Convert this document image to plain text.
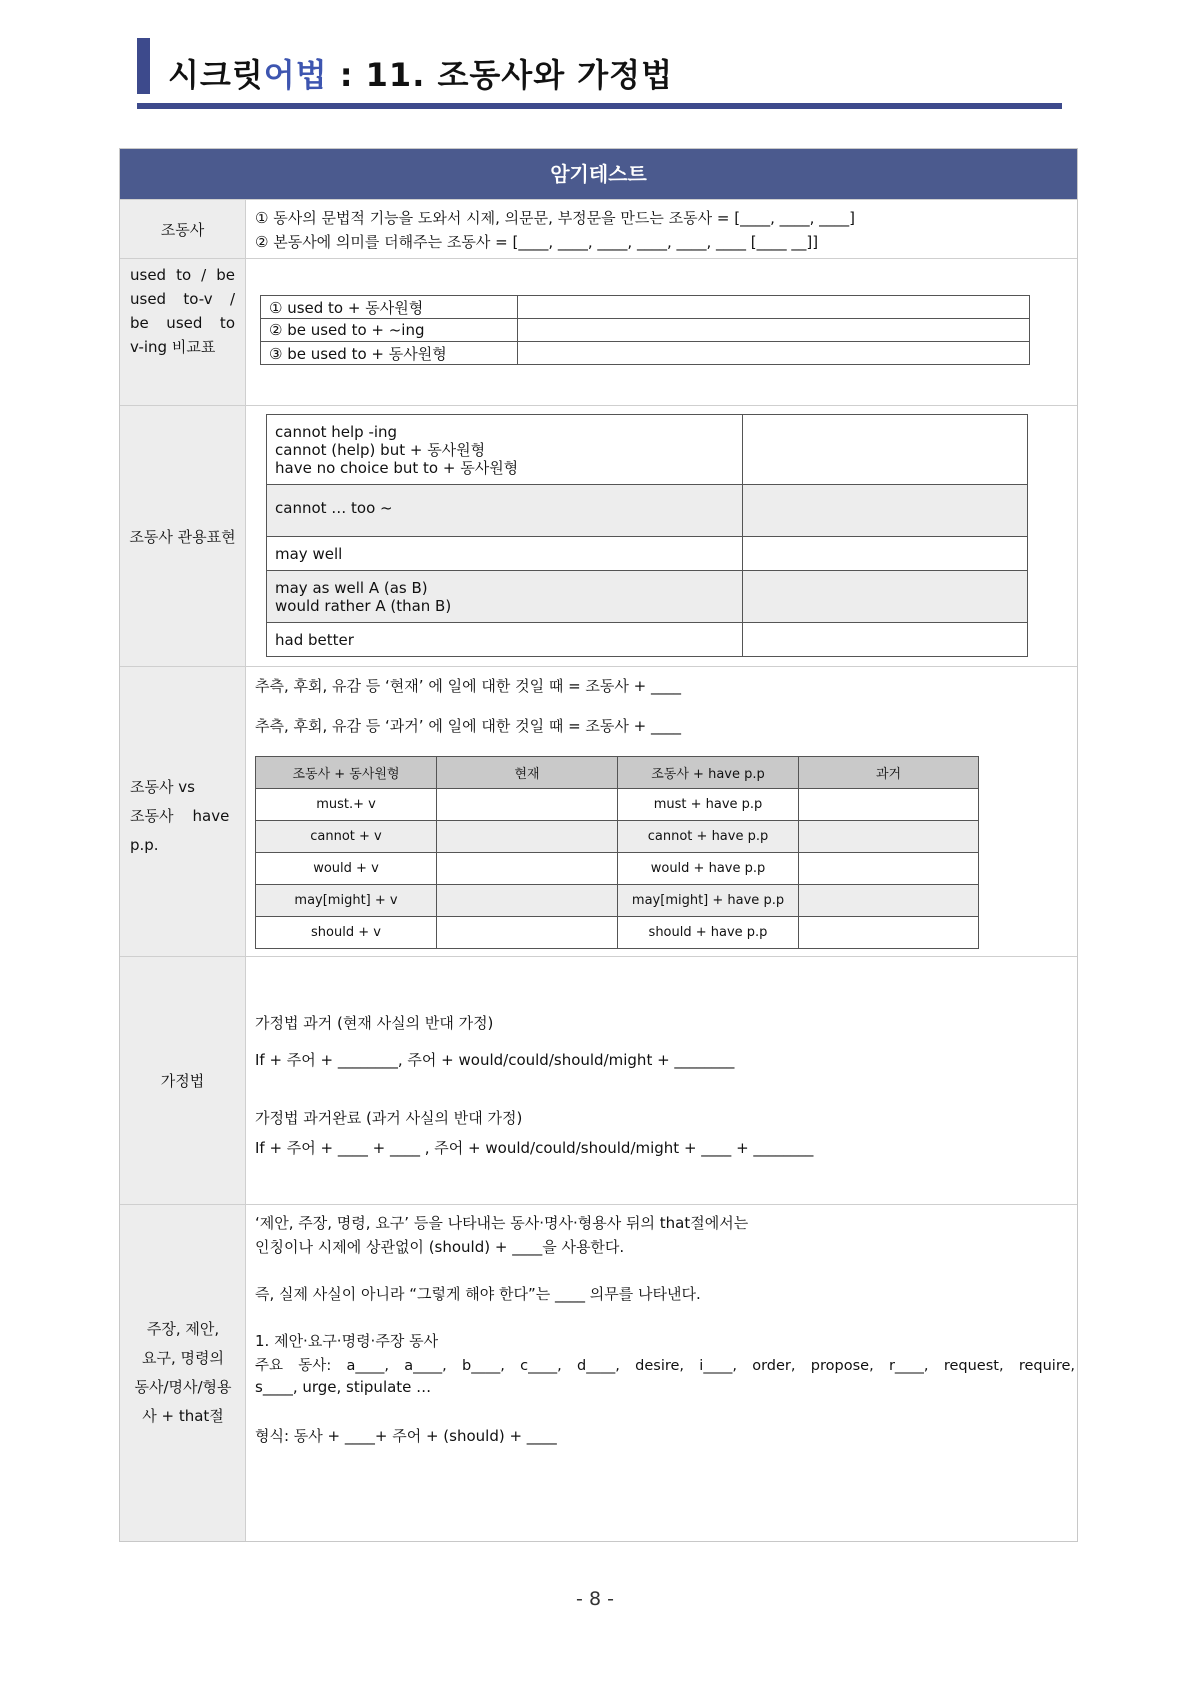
시크릿어법 : 11. 조동사와 가정법
암기테스트
조동사
① 동사의 문법적 기능을 도와서 시제, 의문문, 부정문을 만드는 조동사 = [____, ____, ____]
② 본동사에 의미를 더해주는 조동사 = [____, ____, ____, ____, ____, ____ [____ __]]
used to / be
used to-v /
be used to
v-ing 비교표
① used to + 동사원형	
② be used to + ~ing	
③ be used to + 동사원형	
조동사 관용표현
cannot help -ing
cannot (help) but + 동사원형
have no choice but to + 동사원형	

cannot … too ~	

may well	

may as well A (as B)
would rather A (than B)	

had better	

조동사 vs
조동사    have
p.p.
추측, 후회, 유감 등 ‘현재’ 에 일에 대한 것일 때 = 조동사 + ____
추측, 후회, 유감 등 ‘과거’ 에 일에 대한 것일 때 = 조동사 + ____
조동사 + 동사원형	현재	조동사 + have p.p	과거
must.+ v		must + have p.p	
cannot + v		cannot + have p.p	
would + v		would + have p.p	
may[might] + v		may[might] + have p.p	
should + v		should + have p.p	
가정법
가정법 과거 (현재 사실의 반대 가정)
If + 주어 + ________, 주어 + would/could/should/might + ________
가정법 과거완료 (과거 사실의 반대 가정)
If + 주어 + ____ + ____ , 주어 + would/could/should/might + ____ + ________
주장, 제안,
요구, 명령의
동사/명사/형용
사 + that절
‘제안, 주장, 명령, 요구’ 등을 나타내는 동사·명사·형용사 뒤의 that절에서는
인칭이나 시제에 상관없이 (should) + ____을 사용한다.
즉, 실제 사실이 아니라 “그렇게 해야 한다”는 ____ 의무를 나타낸다.
1. 제안·요구·명령·주장 동사
주요 동사: a____, a____, b____, c____, d____, desire, i____, order, propose, r____, request, require,
s____, urge, stipulate …
형식: 동사 + ____+ 주어 + (should) + ____
- 8 -
